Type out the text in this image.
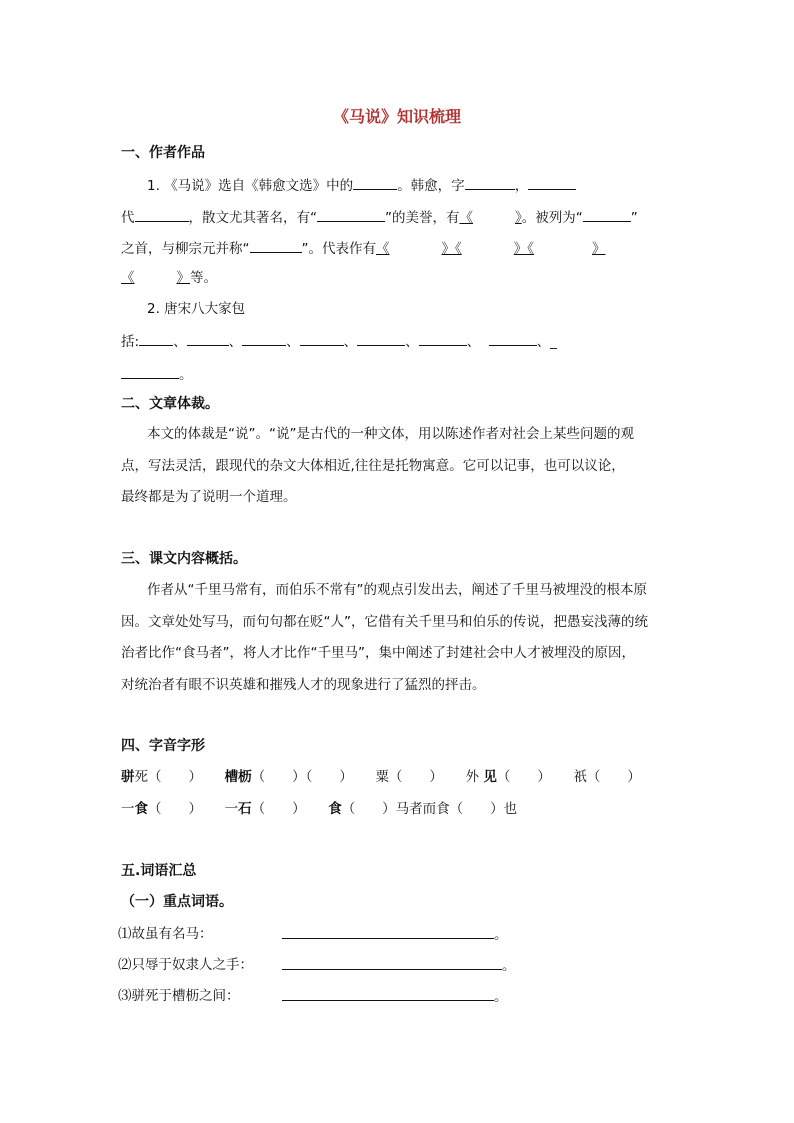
《马说》知识梳理
一、作者作品
1. 《马说》选自《韩愈文选》中的	。韩愈，字	，
代	，散文尤其著名，有“	”的美誉，有《	》。被列为“	”
之首，与柳宗元并称“	”。代表作有《	》《	》《	》
《	》等。
2. 唐宋八大家包
括:	、	、	、	、	、	、	、_
。
二、文章体裁。
本文的体裁是“说”。“说”是古代的一种文体，用以陈述作者对社会上某些问题的观
点，写法灵活，跟现代的杂文大体相近,往往是托物寓意。它可以记事，也可以议论，
最终都是为了说明一个道理。
三、课文内容概括。
作者从“千里马常有，而伯乐不常有”的观点引发出去，阐述了千里马被埋没的根本原
因。文章处处写马，而句句都在贬“人”，它借有关千里马和伯乐的传说，把愚妄浅薄的统
治者比作“食马者”，将人才比作“千里马”，集中阐述了封建社会中人才被埋没的原因，
对统治者有眼不识英雄和摧残人才的现象进行了猛烈的抨击。
四、字音字形
骈死（　　） 槽枥（　　）（　　） 粟（　　） 外 见（　　） 祇（　　）
一食（　　） 一石（　　） 食（　　）马者而食（　　）也
五.词语汇总
（一）重点词语。
⑴故虽有名马：	。
⑵只辱于奴隶人之手：	。
⑶骈死于槽枥之间：	。
